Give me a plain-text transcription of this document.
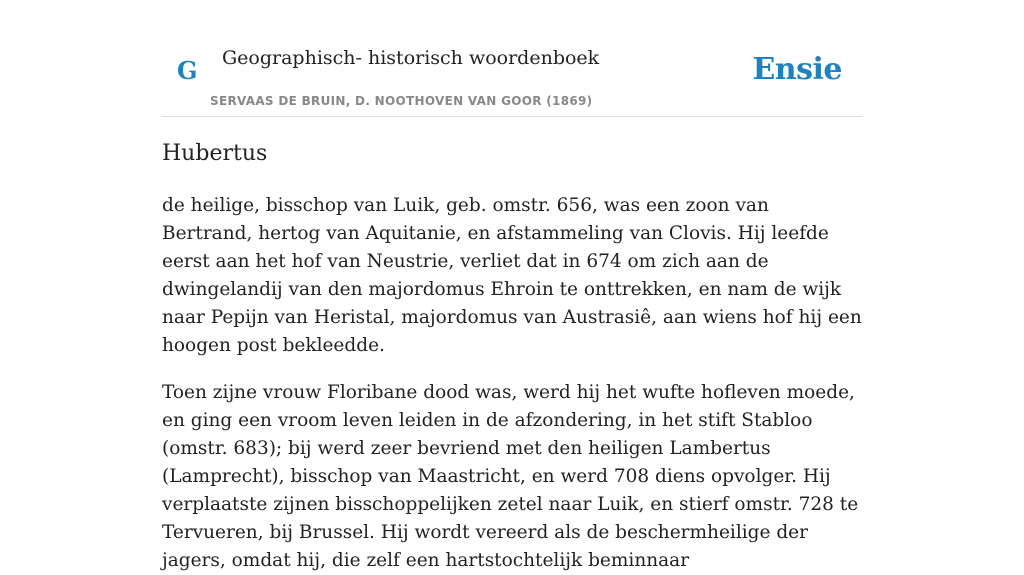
G Geographisch- historisch woordenboek
SERVAAS DE BRUIN, D. NOOTHOVEN VAN GOOR (1869)
Ensie
Hubertus

de heilige, bisschop van Luik, geb. omstr. 656, was een zoon van Bertrand, hertog van Aquitanie, en afstammeling van Clovis. Hij leefde eerst aan het hof van Neustrie, verliet dat in 674 om zich aan de dwingelandij van den majordomus Ehroin te onttrekken, en nam de wijk naar Pepijn van Heristal, majordomus van Austrasiê, aan wiens hof hij een hoogen post bekleedde.

Toen zijne vrouw Floribane dood was, werd hij het wufte hofleven moede, en ging een vroom leven leiden in de afzondering, in het stift Stabloo (omstr. 683); bij werd zeer bevriend met den heiligen Lambertus (Lamprecht), bisschop van Maastricht, en werd 708 diens opvolger. Hij verplaatste zijnen bisschoppelijken zetel naar Luik, en stierf omstr. 728 te Tervueren, bij Brussel. Hij wordt vereerd als de beschermheilige der jagers, omdat hij, die zelf een hartstochtelijk beminnaar
